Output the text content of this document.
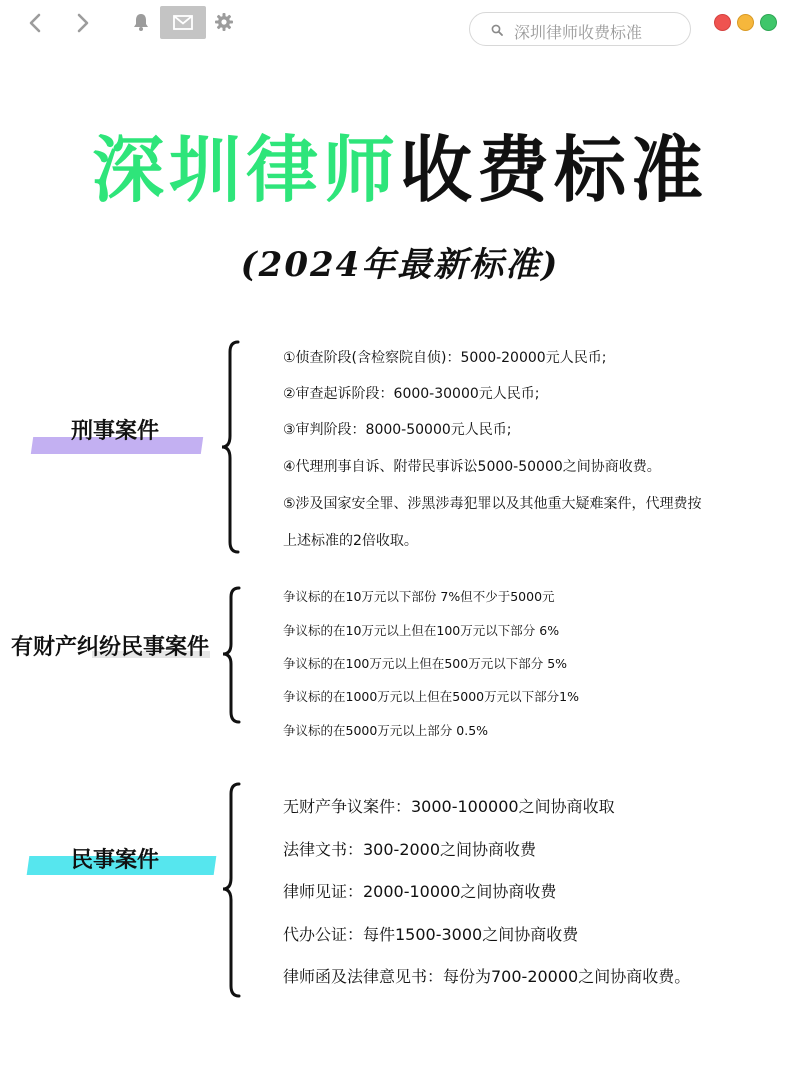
深圳律师收费标准
深圳律师收费标准
(2024年最新标准)
刑事案件
①侦查阶段(含检察院自侦)：5000-20000元人民币;
②审查起诉阶段：6000-30000元人民币;
③审判阶段：8000-50000元人民币;
④代理刑事自诉、附带民事诉讼5000-50000之间协商收费。
⑤涉及国家安全罪、涉黑涉毒犯罪以及其他重大疑难案件，代理费按
上述标准的2倍收取。
有财产纠纷民事案件
争议标的在10万元以下部份 7%但不少于5000元
争议标的在10万元以上但在100万元以下部分 6%
争议标的在100万元以上但在500万元以下部分 5%
争议标的在1000万元以上但在5000万元以下部分1%
争议标的在5000万元以上部分 0.5%
民事案件
无财产争议案件：3000-100000之间协商收取
法律文书：300-2000之间协商收费
律师见证：2000-10000之间协商收费
代办公证：每件1500-3000之间协商收费
律师函及法律意见书：每份为700-20000之间协商收费。
